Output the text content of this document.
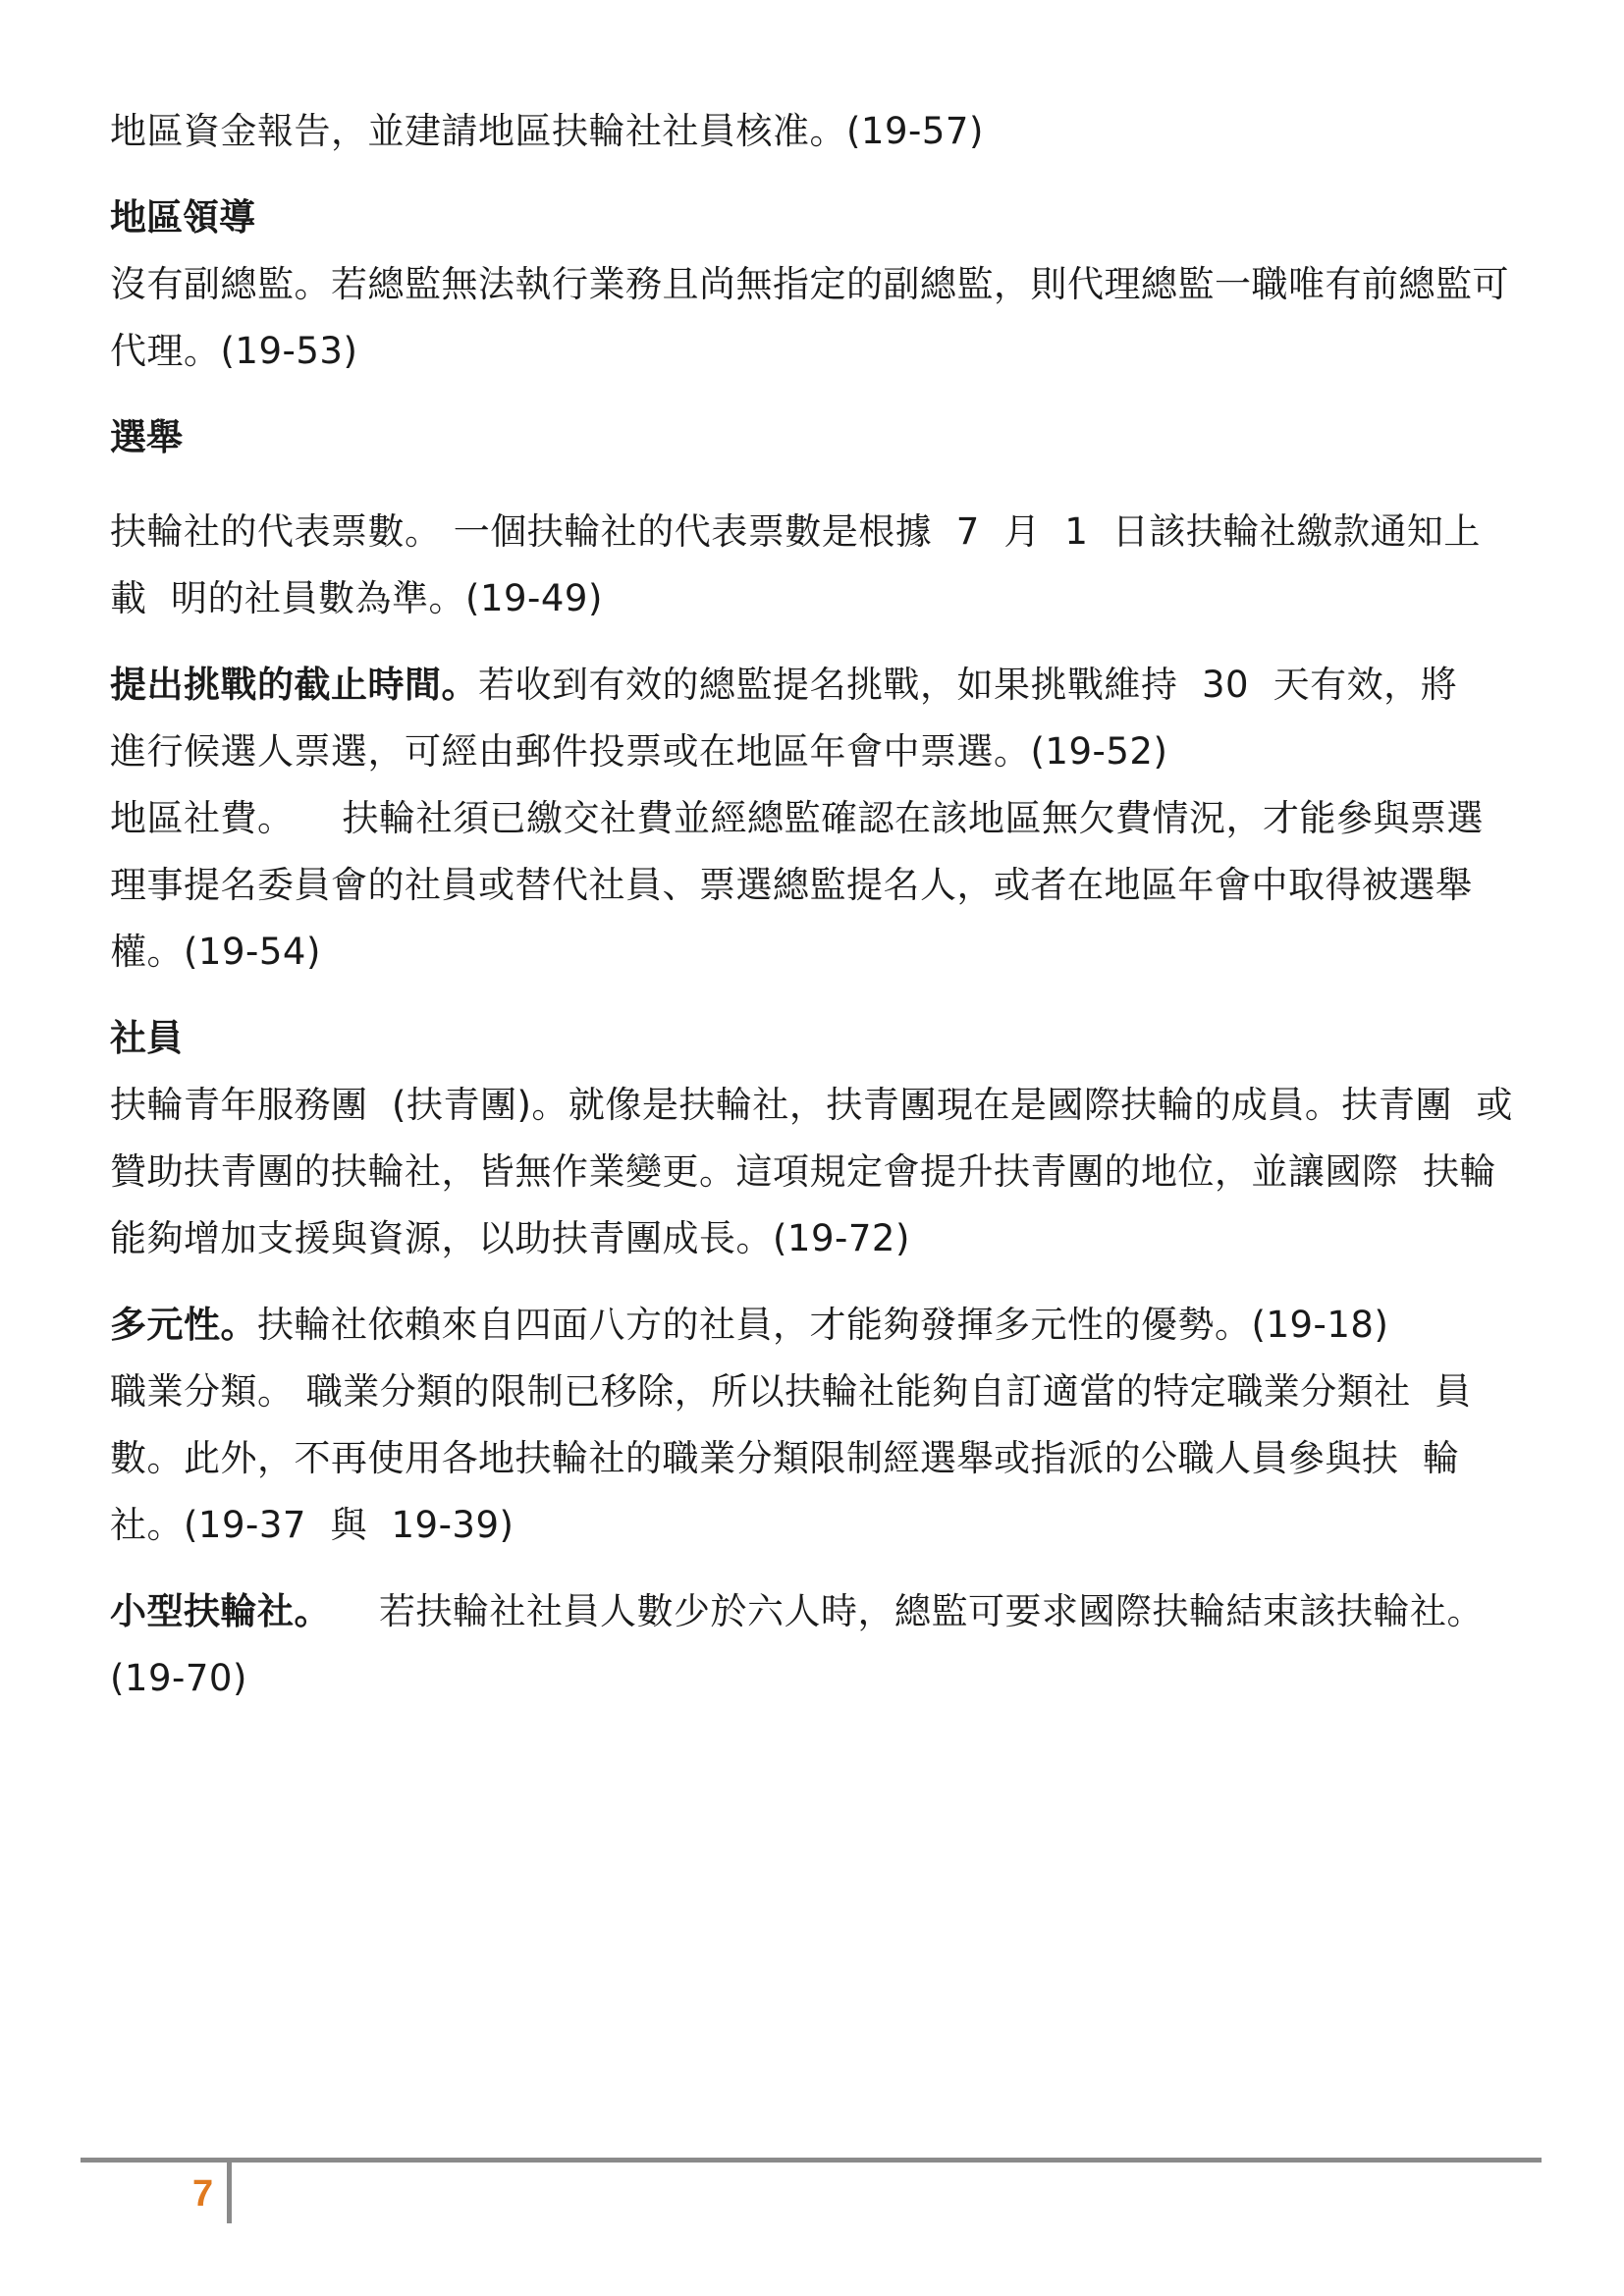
地區資金報告，並建請地區扶輪社社員核准。(19-57)

地區領導

沒有副總監。若總監無法執行業務且尚無指定的副總監，則代理總監一職唯有前總監可代理。(19-53)

選舉

扶輪社的代表票數。 一個扶輪社的代表票數是根據  7  月  1  日該扶輪社繳款通知上載  明的社員數為準。(19-49)

提出挑戰的截止時間。若收到有效的總監提名挑戰，如果挑戰維持  30  天有效，將  進行候選人票選，可經由郵件投票或在地區年會中票選。(19-52)

地區社費。    扶輪社須已繳交社費並經總監確認在該地區無欠費情況，才能參與票選理事提名委員會的社員或替代社員、票選總監提名人，或者在地區年會中取得被選舉權。(19-54)

社員

扶輪青年服務團  (扶青團)。就像是扶輪社，扶青團現在是國際扶輪的成員。扶青團  或贊助扶青團的扶輪社，皆無作業變更。這項規定會提升扶青團的地位，並讓國際  扶輪能夠增加支援與資源，以助扶青團成長。(19-72)

多元性。扶輪社依賴來自四面八方的社員，才能夠發揮多元性的優勢。(19-18)

職業分類。 職業分類的限制已移除，所以扶輪社能夠自訂適當的特定職業分類社  員數。此外，不再使用各地扶輪社的職業分類限制經選舉或指派的公職人員參與扶  輪社。(19-37  與  19-39)

小型扶輪社。    若扶輪社社員人數少於六人時，總監可要求國際扶輪結束該扶輪社。(19-70)

7
